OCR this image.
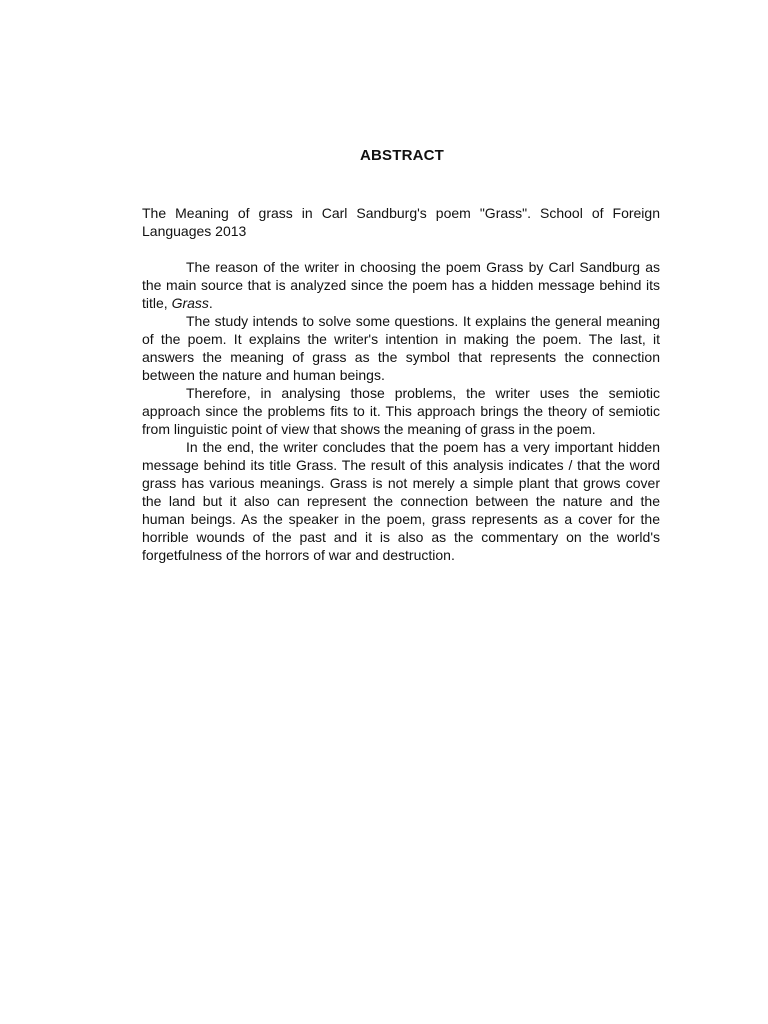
ABSTRACT

The Meaning of grass in Carl Sandburg's poem "Grass". School of Foreign Languages 2013

The reason of the writer in choosing the poem Grass by Carl Sandburg as the main source that is analyzed since the poem has a hidden message behind its title, Grass.

The study intends to solve some questions. It explains the general meaning of the poem. It explains the writer's intention in making the poem. The last, it answers the meaning of grass as the symbol that represents the connection between the nature and human beings.

Therefore, in analysing those problems, the writer uses the semiotic approach since the problems fits to it. This approach brings the theory of semiotic from linguistic point of view that shows the meaning of grass in the poem.

In the end, the writer concludes that the poem has a very important hidden message behind its title Grass. The result of this analysis indicates / that the word grass has various meanings. Grass is not merely a simple plant that grows cover the land but it also can represent the connection between the nature and the human beings. As the speaker in the poem, grass represents as a cover for the horrible wounds of the past and it is also as the commentary on the world's forgetfulness of the horrors of war and destruction.
